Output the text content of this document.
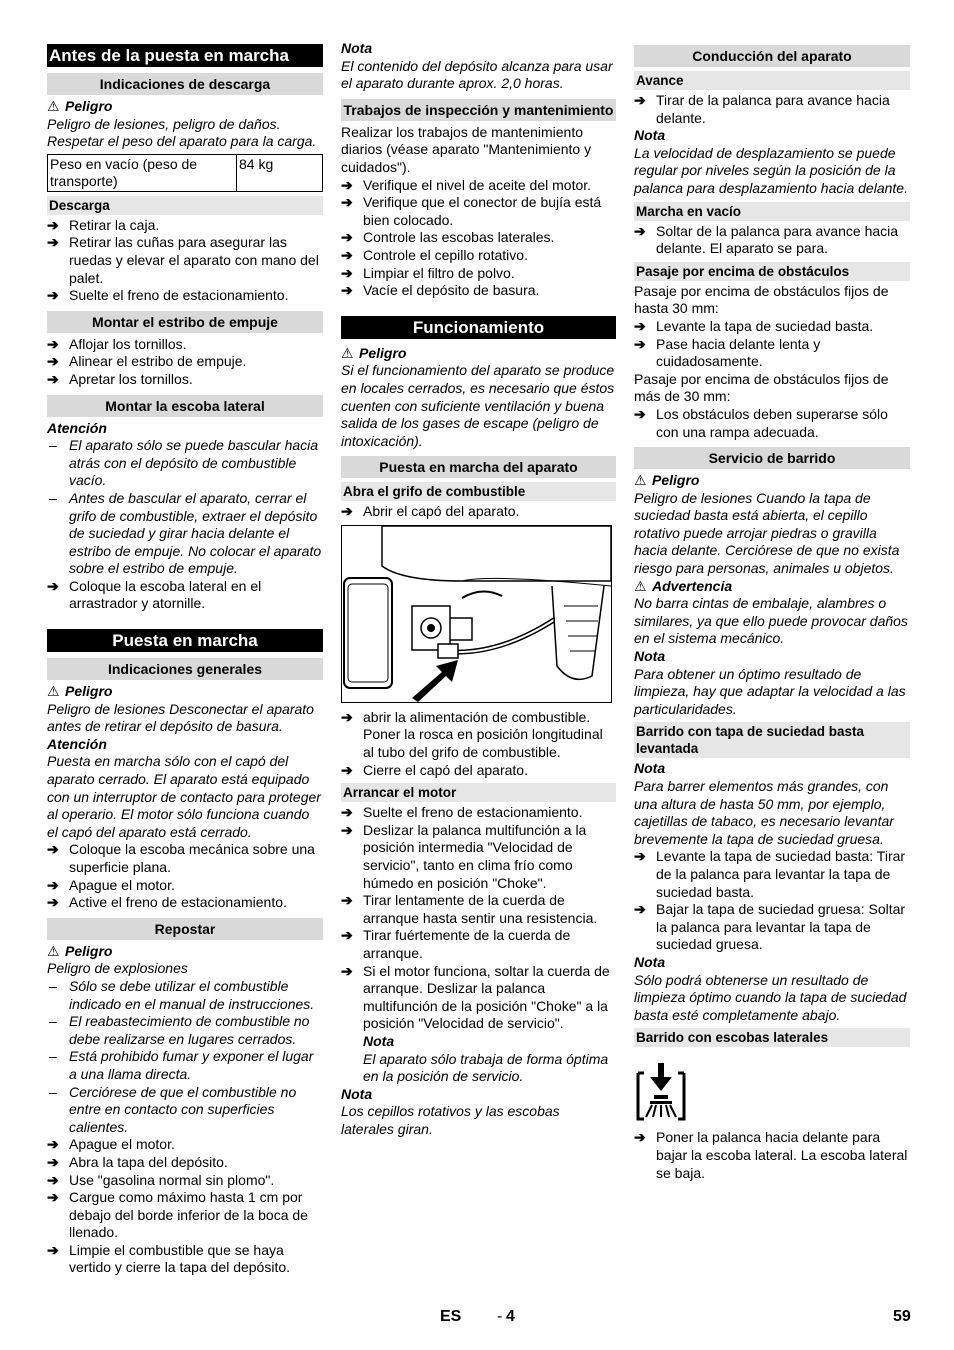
Antes de la puesta en marcha
Indicaciones de descarga

⚠ Peligro

Peligro de lesiones, peligro de daños. Respetar el peso del aparato para la carga.

Peso en vacío (peso de transporte)	84 kg
Descarga
➔ Retirar la caja.
➔ Retirar las cuñas para asegurar las ruedas y elevar el aparato con mano del palet.
➔ Suelte el freno de estacionamiento.
Montar el estribo de empuje
➔ Aflojar los tornillos.
➔ Alinear el estribo de empuje.
➔ Apretar los tornillos.
Montar la escoba lateral

Atención

– El aparato sólo se puede bascular hacia atrás con el depósito de combustible vacío.
– Antes de bascular el aparato, cerrar el grifo de combustible, extraer el depósito de suciedad y girar hacia delante el estribo de empuje. No colocar el aparato sobre el estribo de empuje.
➔ Coloque la escoba lateral en el arrastrador y atornille.
Puesta en marcha
Indicaciones generales

⚠ Peligro

Peligro de lesiones Desconectar el aparato antes de retirar el depósito de basura.

Atención

Puesta en marcha sólo con el capó del aparato cerrado. El aparato está equipado con un interruptor de contacto para proteger al operario. El motor sólo funciona cuando el capó del aparato está cerrado.

➔ Coloque la escoba mecánica sobre una superficie plana.
➔ Apague el motor.
➔ Active el freno de estacionamiento.
Repostar

⚠ Peligro

Peligro de explosiones

– Sólo se debe utilizar el combustible indicado en el manual de instrucciones.
– El reabastecimiento de combustible no debe realizarse en lugares cerrados.
– Está prohibido fumar y exponer el lugar a una llama directa.
– Cerciórese de que el combustible no entre en contacto con superficies calientes.
➔ Apague el motor.
➔ Abra la tapa del depósito.
➔ Use "gasolina normal sin plomo".
➔ Cargue como máximo hasta 1 cm por debajo del borde inferior de la boca de llenado.
➔ Limpie el combustible que se haya vertido y cierre la tapa del depósito.

Nota

El contenido del depósito alcanza para usar el aparato durante aprox. 2,0 horas.

Trabajos de inspección y mantenimiento

Realizar los trabajos de mantenimiento diarios (véase aparato "Mantenimiento y cuidados").

➔ Verifique el nivel de aceite del motor.
➔ Verifique que el conector de bujía está bien colocado.
➔ Controle las escobas laterales.
➔ Controle el cepillo rotativo.
➔ Limpiar el filtro de polvo.
➔ Vacíe el depósito de basura.
Funcionamiento

⚠ Peligro

Si el funcionamiento del aparato se produce en locales cerrados, es necesario que éstos cuenten con suficiente ventilación y buena salida de los gases de escape (peligro de intoxicación).

Puesta en marcha del aparato
Abra el grifo de combustible
➔ Abrir el capó del aparato.
➔ abrir la alimentación de combustible. Poner la rosca en posición longitudinal al tubo del grifo de combustible.
➔ Cierre el capó del aparato.
Arrancar el motor
➔ Suelte el freno de estacionamiento.
➔ Deslizar la palanca multifunción a la posición intermedia "Velocidad de servicio", tanto en clima frío como húmedo en posición "Choke".
➔ Tirar lentamente de la cuerda de arranque hasta sentir una resistencia.
➔ Tirar fuértemente de la cuerda de arranque.
➔ Si el motor funciona, soltar la cuerda de arranque. Deslizar la palanca multifunción de la posición "Choke" a la posición "Velocidad de servicio".

Nota

El aparato sólo trabaja de forma óptima en la posición de servicio.

Nota

Los cepillos rotativos y las escobas laterales giran.

Conducción del aparato
Avance
➔ Tirar de la palanca para avance hacia delante.

Nota

La velocidad de desplazamiento se puede regular por niveles según la posición de la palanca para desplazamiento hacia delante.

Marcha en vacío
➔ Soltar de la palanca para avance hacia delante. El aparato se para.
Pasaje por encima de obstáculos

Pasaje por encima de obstáculos fijos de hasta 30 mm:

➔ Levante la tapa de suciedad basta.
➔ Pase hacia delante lenta y cuidadosamente.

Pasaje por encima de obstáculos fijos de más de 30 mm:

➔ Los obstáculos deben superarse sólo con una rampa adecuada.
Servicio de barrido

⚠ Peligro

Peligro de lesiones Cuando la tapa de suciedad basta está abierta, el cepillo rotativo puede arrojar piedras o gravilla hacia delante. Cerciórese de que no exista riesgo para personas, animales u objetos.

⚠ Advertencia

No barra cintas de embalaje, alambres o similares, ya que ello puede provocar daños en el sistema mecánico.

Nota

Para obtener un óptimo resultado de limpieza, hay que adaptar la velocidad a las particularidades.

Barrido con tapa de suciedad basta levantada

Nota

Para barrer elementos más grandes, con una altura de hasta 50 mm, por ejemplo, cajetillas de tabaco, es necesario levantar brevemente la tapa de suciedad gruesa.

➔ Levante la tapa de suciedad basta: Tirar de la palanca para levantar la tapa de suciedad basta.
➔ Bajar la tapa de suciedad gruesa: Soltar la palanca para levantar la tapa de suciedad gruesa.

Nota

Sólo podrá obtenerse un resultado de limpieza óptimo cuando la tapa de suciedad basta esté completamente abajo.

Barrido con escobas laterales
➔ Poner la palanca hacia delante para bajar la escoba lateral. La escoba lateral se baja.
ES - 4	59
